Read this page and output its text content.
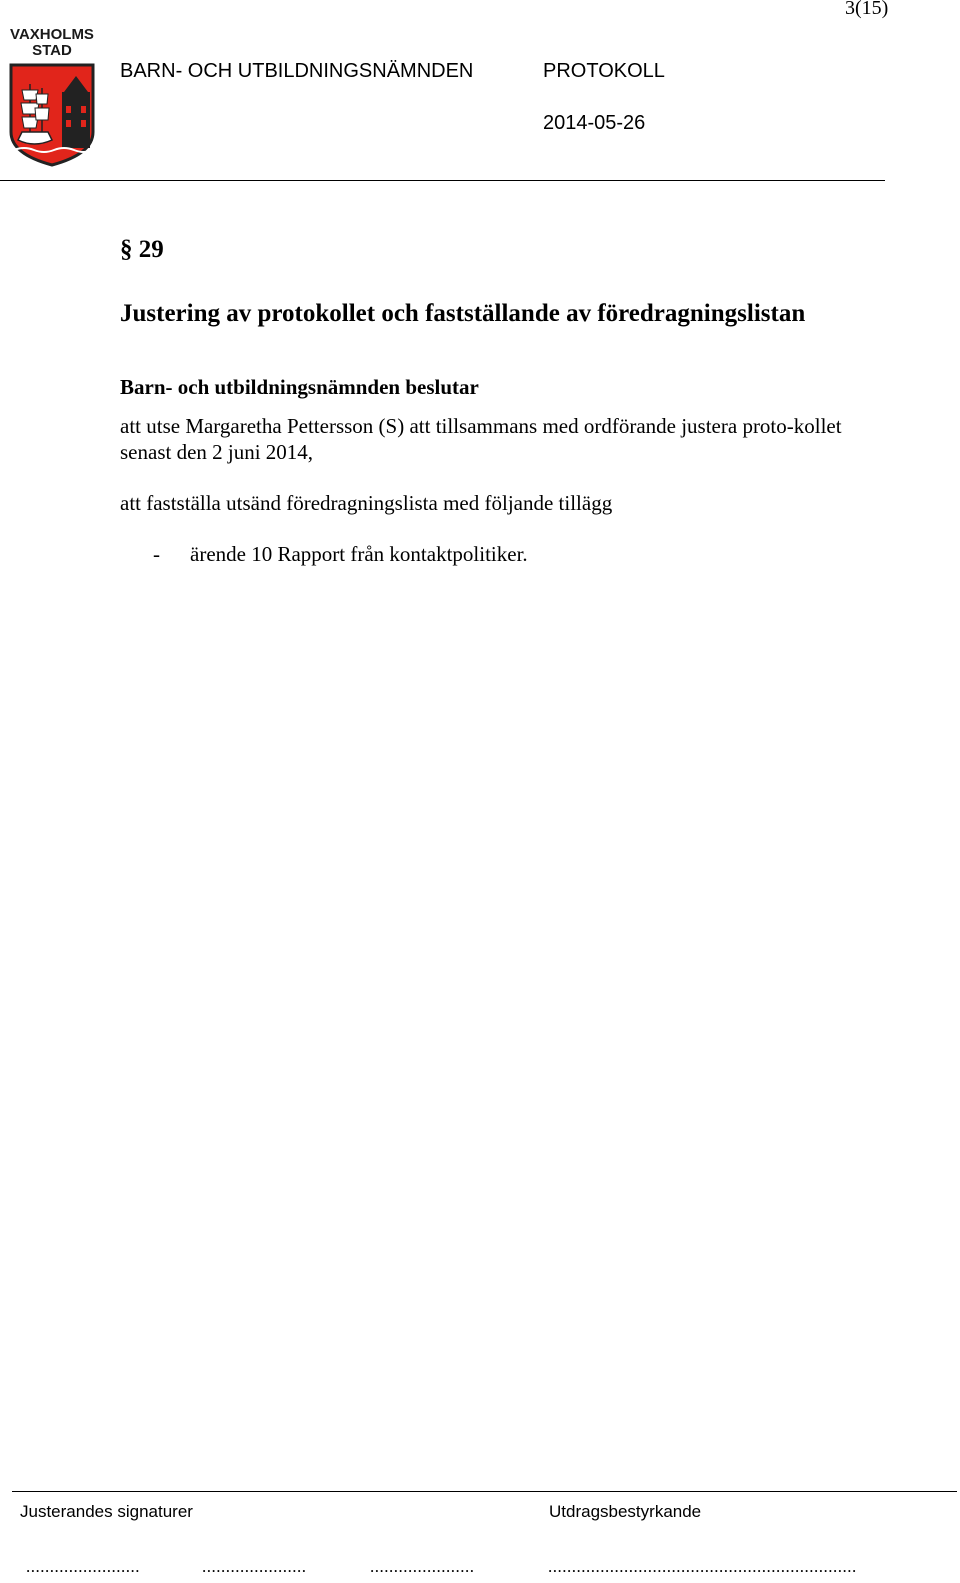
3(15)
VAXHOLMS
STAD
BARN- OCH UTBILDNINGSNÄMNDEN	PROTOKOLL
2014-05-26
§ 29
Justering av protokollet och fastställande av föredragningslistan
Barn- och utbildningsnämnden beslutar
att utse Margaretha Pettersson (S) att tillsammans med ordförande justera proto-kollet senast den 2 juni 2014,
att fastställa utsänd föredragningslista med följande tillägg
-	ärende 10 Rapport från kontaktpolitiker.
Justerandes signaturer	Utdragsbestyrkande
........................	......................	......................	.................................................................
